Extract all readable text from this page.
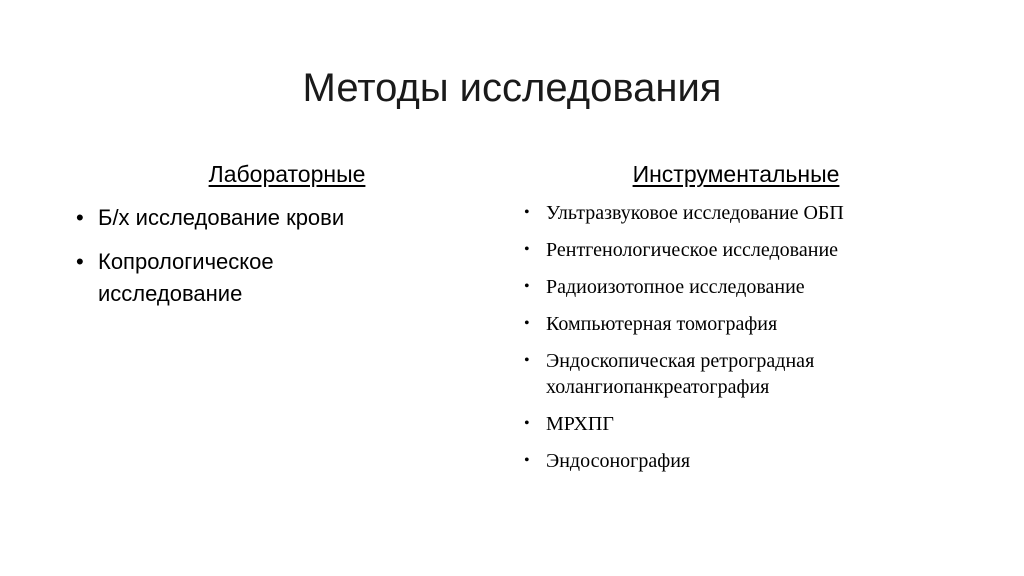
Методы исследования
Лабораторные
• Б/х исследование крови
• Копрологическое исследование
Инструментальные
• Ультразвуковое исследование ОБП
• Рентгенологическое исследование
• Радиоизотопное исследование
• Компьютерная томография
• Эндоскопическая ретроградная холангиопанкреатография
• МРХПГ
• Эндосонография
